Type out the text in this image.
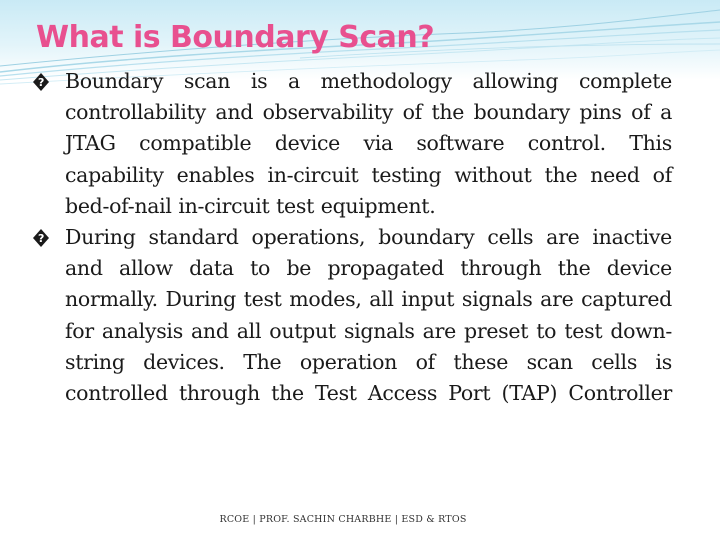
What is Boundary Scan?
? Boundary scan is a methodology allowing complete controllability and observability of the boundary pins of a JTAG compatible device via software control. This capability enables in-circuit testing without the need of bed-of-nail in-circuit test equipment.
? During standard operations, boundary cells are inactive and allow data to be propagated through the device normally. During test modes, all input signals are captured for analysis and all output signals are preset to test down-string devices. The operation of these scan cells is controlled through the Test Access Port (TAP) Controller
RCOE | PROF. SACHIN CHARBHE | ESD & RTOS
